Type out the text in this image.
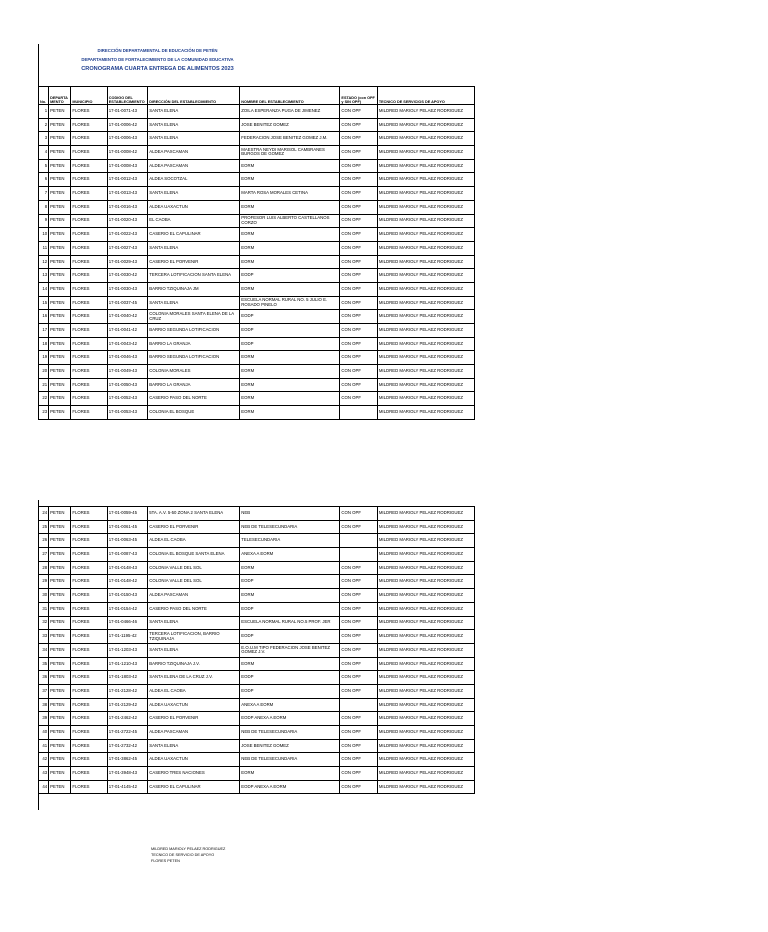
DIRECCIÓN DEPARTAMENTAL DE EDUCACIÓN DE PETÉN
DEPARTAMENTO DE FORTALECIMIENTO DE LA COMUNIDAD EDUCATIVA
CRONOGRAMA CUARTA ENTREGA DE ALIMENTOS 2023
No.	DEPARTA MENTO	MUNICIPIO	CODIGO DEL ESTABLECIMIENTO	DIRECCIÓN DEL ESTABLECIMIENTO	NOMBRE DEL ESTABLECIMIENTO	ESTADO (con OPF y SIN OPF)	TECNICO DE SERVICIOS DE APOYO
1	PETEN	FLORES	17-01-0071-43	SANTA ELENA	ZOILA ESPERANZA PUGA DE JIMENEZ	CON OPF	MILDRED MARIOLY PELAEZ RODRIGUEZ
2	PETEN	FLORES	17-01-0006-42	SANTA ELENA	JOSE BENITEZ GOMEZ	CON OPF	MILDRED MARIOLY PELAEZ RODRIGUEZ
3	PETEN	FLORES	17-01-0006-43	SANTA ELENA	FEDERACION JOSE BENITEZ GOMEZ J.M.	CON OPF	MILDRED MARIOLY PELAEZ RODRIGUEZ
4	PETEN	FLORES	17-01-0008-42	ALDEA PAXCAMAN	MAESTRA NEYDI MARISOL CAMBRANES BURGOS DE GOMEZ	CON OPF	MILDRED MARIOLY PELAEZ RODRIGUEZ
5	PETEN	FLORES	17-01-0008-43	ALDEA PAXCAMAN	EORM	CON OPF	MILDRED MARIOLY PELAEZ RODRIGUEZ
6	PETEN	FLORES	17-01-0012-43	ALDEA SOCOTZAL	EORM	CON OPF	MILDRED MARIOLY PELAEZ RODRIGUEZ
7	PETEN	FLORES	17-01-0013-43	SANTA ELENA	MARTA ROSA MORALES CETINA	CON OPF	MILDRED MARIOLY PELAEZ RODRIGUEZ
8	PETEN	FLORES	17-01-0016-43	ALDEA UAXACTUN	EORM	CON OPF	MILDRED MARIOLY PELAEZ RODRIGUEZ
9	PETEN	FLORES	17-01-0020-43	EL CAOBA	PROFESOR LUIS ALBERTO CASTELLANOS CORZO	CON OPF	MILDRED MARIOLY PELAEZ RODRIGUEZ
10	PETEN	FLORES	17-01-0022-43	CASERIO EL CAPULINAR	EORM	CON OPF	MILDRED MARIOLY PELAEZ RODRIGUEZ
11	PETEN	FLORES	17-01-0027-43	SANTA ELENA	EORM	CON OPF	MILDRED MARIOLY PELAEZ RODRIGUEZ
12	PETEN	FLORES	17-01-0029-43	CASERIO EL PORVENIR	EORM	CON OPF	MILDRED MARIOLY PELAEZ RODRIGUEZ
13	PETEN	FLORES	17-01-0030-42	TERCERA LOTIFICACION SANTA ELENA	EODP	CON OPF	MILDRED MARIOLY PELAEZ RODRIGUEZ
14	PETEN	FLORES	17-01-0030-43	BARRIO TZIQUINAJA JM	EORM	CON OPF	MILDRED MARIOLY PELAEZ RODRIGUEZ
15	PETEN	FLORES	17-01-0037-45	SANTA ELENA	ESCUELA NORMAL RURAL NO. 5 JULIO E. ROSADO PINELO	CON OPF	MILDRED MARIOLY PELAEZ RODRIGUEZ
16	PETEN	FLORES	17-01-0040-42	COLONIA MORALES SANTA ELENA DE LA CRUZ	EODP	CON OPF	MILDRED MARIOLY PELAEZ RODRIGUEZ
17	PETEN	FLORES	17-01-0041-42	BARRIO SEGUNDA LOTIFICACION	EODP	CON OPF	MILDRED MARIOLY PELAEZ RODRIGUEZ
18	PETEN	FLORES	17-01-0043-42	BARRIO LA GRANJA	EODP	CON OPF	MILDRED MARIOLY PELAEZ RODRIGUEZ
19	PETEN	FLORES	17-01-0046-43	BARRIO SEGUNDA LOTIFICACION	EORM	CON OPF	MILDRED MARIOLY PELAEZ RODRIGUEZ
20	PETEN	FLORES	17-01-0049-43	COLONIA MORALES	EORM	CON OPF	MILDRED MARIOLY PELAEZ RODRIGUEZ
21	PETEN	FLORES	17-01-0050-43	BARRIO LA GRANJA	EORM	CON OPF	MILDRED MARIOLY PELAEZ RODRIGUEZ
22	PETEN	FLORES	17-01-0052-43	CASERIO PASO DEL NORTE	EORM	CON OPF	MILDRED MARIOLY PELAEZ RODRIGUEZ
23	PETEN	FLORES	17-01-0053-43	COLONIA EL BOSQUE	EORM		MILDRED MARIOLY PELAEZ RODRIGUEZ
24	PETEN	FLORES	17-01-0059-45	5TA. A.V. 5-50 ZONA 2 SANTA ELENA	NEB	CON OPF	MILDRED MARIOLY PELAEZ RODRIGUEZ
25	PETEN	FLORES	17-01-0061-45	CASERIO EL PORVENIR	NEB DE TELESECUNDARIA	CON OPF	MILDRED MARIOLY PELAEZ RODRIGUEZ
26	PETEN	FLORES	17-01-0063-45	ALDEA EL CAOBA	TELESECUNDARIA		MILDRED MARIOLY PELAEZ RODRIGUEZ
27	PETEN	FLORES	17-01-0087-43	COLONIA EL BOSQUE SANTA ELENA	ANEXA A EORM		MILDRED MARIOLY PELAEZ RODRIGUEZ
28	PETEN	FLORES	17-01-0148-43	COLONIA VALLE DEL SOL	EORM	CON OPF	MILDRED MARIOLY PELAEZ RODRIGUEZ
29	PETEN	FLORES	17-01-0148-42	COLONIA VALLE DEL SOL	EODP	CON OPF	MILDRED MARIOLY PELAEZ RODRIGUEZ
30	PETEN	FLORES	17-01-0150-43	ALDEA PAXCAMAN	EORM	CON OPF	MILDRED MARIOLY PELAEZ RODRIGUEZ
31	PETEN	FLORES	17-01-0154-42	CASERIO PASO DEL NORTE	EODP	CON OPF	MILDRED MARIOLY PELAEZ RODRIGUEZ
32	PETEN	FLORES	17-01-0466-46	SANTA ELENA	ESCUELA NORMAL RURAL NO.5 PROF. JER	CON OPF	MILDRED MARIOLY PELAEZ RODRIGUEZ
33	PETEN	FLORES	17-01-1195-42	TERCERA LOTIFICACION, BARRIO TZIQUINAJA	EODP	CON OPF	MILDRED MARIOLY PELAEZ RODRIGUEZ
34	PETEN	FLORES	17-01-1203-43	SANTA ELENA	E.O.U.M TIPO FEDERACION JOSE BENITEZ GOMEZ J.V.	CON OPF	MILDRED MARIOLY PELAEZ RODRIGUEZ
35	PETEN	FLORES	17-01-1210-43	BARRIO TZIQUINAJA J.V.	EORM	CON OPF	MILDRED MARIOLY PELAEZ RODRIGUEZ
36	PETEN	FLORES	17-01-1803-42	SANTA ELENA DE LA CRUZ J.V.	EODP	CON OPF	MILDRED MARIOLY PELAEZ RODRIGUEZ
37	PETEN	FLORES	17-01-2128-42	ALDEA EL CAOBA	EODP	CON OPF	MILDRED MARIOLY PELAEZ RODRIGUEZ
38	PETEN	FLORES	17-01-2129-42	ALDEA UAXACTUN	ANEXA A EORM		MILDRED MARIOLY PELAEZ RODRIGUEZ
39	PETEN	FLORES	17-01-2462-42	CASERIO EL PORVENIR	EODP ANEXA A EORM	CON OPF	MILDRED MARIOLY PELAEZ RODRIGUEZ
40	PETEN	FLORES	17-01-2722-45	ALDEA PAXCAMAN	NEB DE TELESECUNDARIA	CON OPF	MILDRED MARIOLY PELAEZ RODRIGUEZ
41	PETEN	FLORES	17-01-2732-42	SANTA ELENA	JOSE BENITEZ GOMEZ	CON OPF	MILDRED MARIOLY PELAEZ RODRIGUEZ
42	PETEN	FLORES	17-01-3862-45	ALDEA UAXACTUN	NEB DE TELESECUNDARIA	CON OPF	MILDRED MARIOLY PELAEZ RODRIGUEZ
43	PETEN	FLORES	17-01-3948-43	CASERIO TRES NACIONES	EORM	CON OPF	MILDRED MARIOLY PELAEZ RODRIGUEZ
44	PETEN	FLORES	17-01-4145-42	CASERIO EL CAPULINAR	EODP ANEXA A EORM	CON OPF	MILDRED MARIOLY PELAEZ RODRIGUEZ
MILDRED MARIOLY PELAEZ RODRIGUEZ
TECNICO DE SERVICIO DE APOYO
FLORES PETEN
